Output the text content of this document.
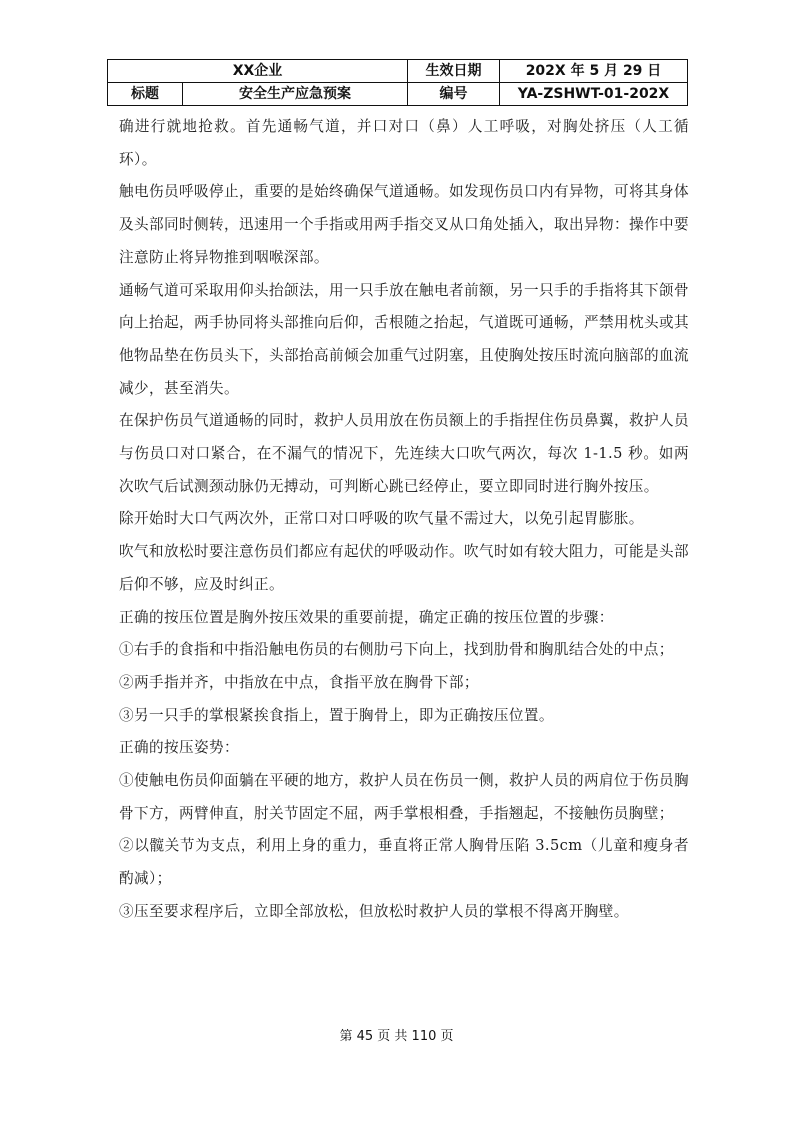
XX企业		生效日期	202X 年 5 月 29 日
标题	安全生产应急预案	编号	YA-ZSHWT-01-202X

确进行就地抢救。首先通畅气道，并口对口（鼻）人工呼吸，对胸处挤压（人工循环）。

触电伤员呼吸停止，重要的是始终确保气道通畅。如发现伤员口内有异物，可将其身体及头部同时侧转，迅速用一个手指或用两手指交叉从口角处插入，取出异物：操作中要注意防止将异物推到咽喉深部。

通畅气道可采取用仰头抬颌法，用一只手放在触电者前额，另一只手的手指将其下颌骨向上抬起，两手协同将头部推向后仰，舌根随之抬起，气道既可通畅，严禁用枕头或其他物品垫在伤员头下，头部抬高前倾会加重气过阴塞，且使胸处按压时流向脑部的血流减少，甚至消失。

在保护伤员气道通畅的同时，救护人员用放在伤员额上的手指捏住伤员鼻翼，救护人员与伤员口对口紧合，在不漏气的情况下，先连续大口吹气两次，每次 1-1.5 秒。如两次吹气后试测颈动脉仍无搏动，可判断心跳已经停止，要立即同时进行胸外按压。

除开始时大口气两次外，正常口对口呼吸的吹气量不需过大，以免引起胃膨胀。

吹气和放松时要注意伤员们都应有起伏的呼吸动作。吹气时如有较大阻力，可能是头部后仰不够，应及时纠正。

正确的按压位置是胸外按压效果的重要前提，确定正确的按压位置的步骤：

①右手的食指和中指沿触电伤员的右侧肋弓下向上，找到肋骨和胸肌结合处的中点；

②两手指并齐，中指放在中点，食指平放在胸骨下部；

③另一只手的掌根紧挨食指上，置于胸骨上，即为正确按压位置。

正确的按压姿势：

①使触电伤员仰面躺在平硬的地方，救护人员在伤员一侧，救护人员的两肩位于伤员胸骨下方，两臂伸直，肘关节固定不屈，两手掌根相叠，手指翘起，不接触伤员胸壁；

②以髋关节为支点，利用上身的重力，垂直将正常人胸骨压陷 3.5cm（儿童和瘦身者酌减）；

③压至要求程序后，立即全部放松，但放松时救护人员的掌根不得离开胸壁。

第 45 页 共 110 页
